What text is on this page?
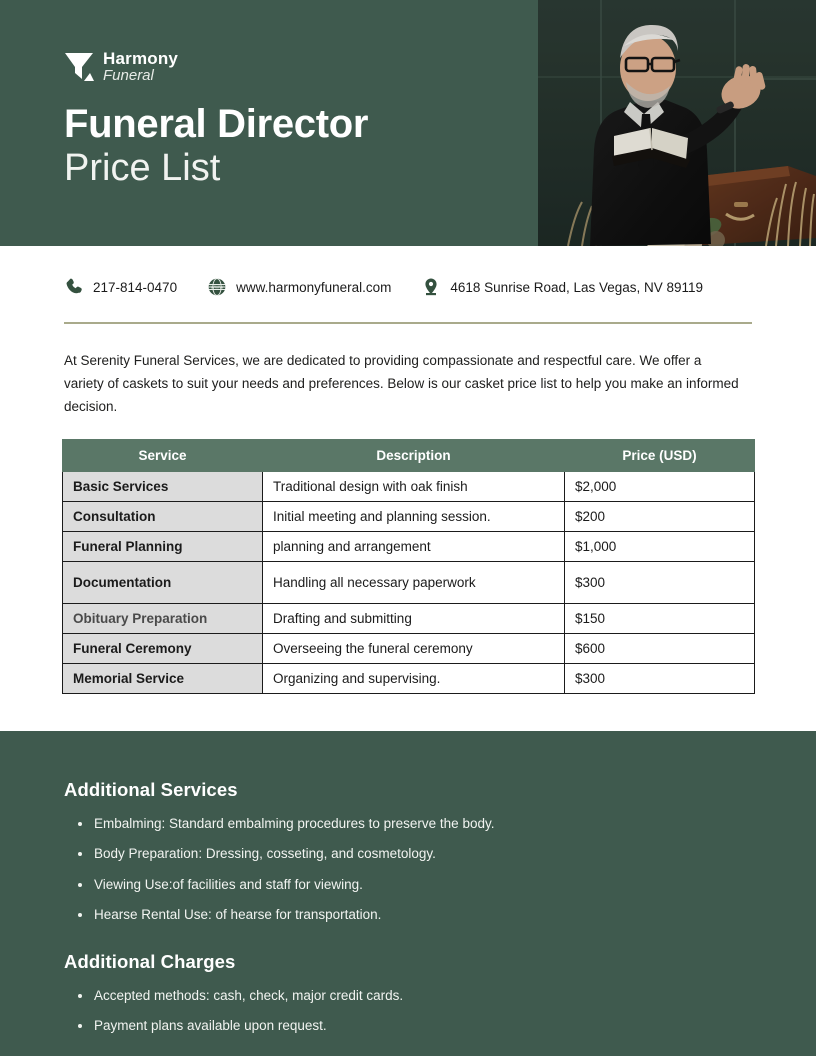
Harmony
Funeral
Funeral Director
Price List
217-814-0470	WWW www.harmonyfuneral.com	4618 Sunrise Road, Las Vegas, NV 89119

At Serenity Funeral Services, we are dedicated to providing compassionate and respectful care. We offer a variety of caskets to suit your needs and preferences. Below is our casket price list to help you make an informed decision.

Service	Description	Price (USD)
Basic Services	Traditional design with oak finish	$2,000
Consultation	Initial meeting and planning session.	$200
Funeral Planning	planning and arrangement	$1,000
Documentation	Handling all necessary paperwork	$300
Obituary Preparation	Drafting and submitting	$150
Funeral Ceremony	Overseeing the funeral ceremony	$600
Memorial Service	Organizing and supervising.	$300
Additional Services
Embalming: Standard embalming procedures to preserve the body.
Body Preparation: Dressing, cosseting, and cosmetology.
Viewing Use:of facilities and staff for viewing.
Hearse Rental Use: of hearse for transportation.
Additional Charges
Accepted methods: cash, check, major credit cards.
Payment plans available upon request.
